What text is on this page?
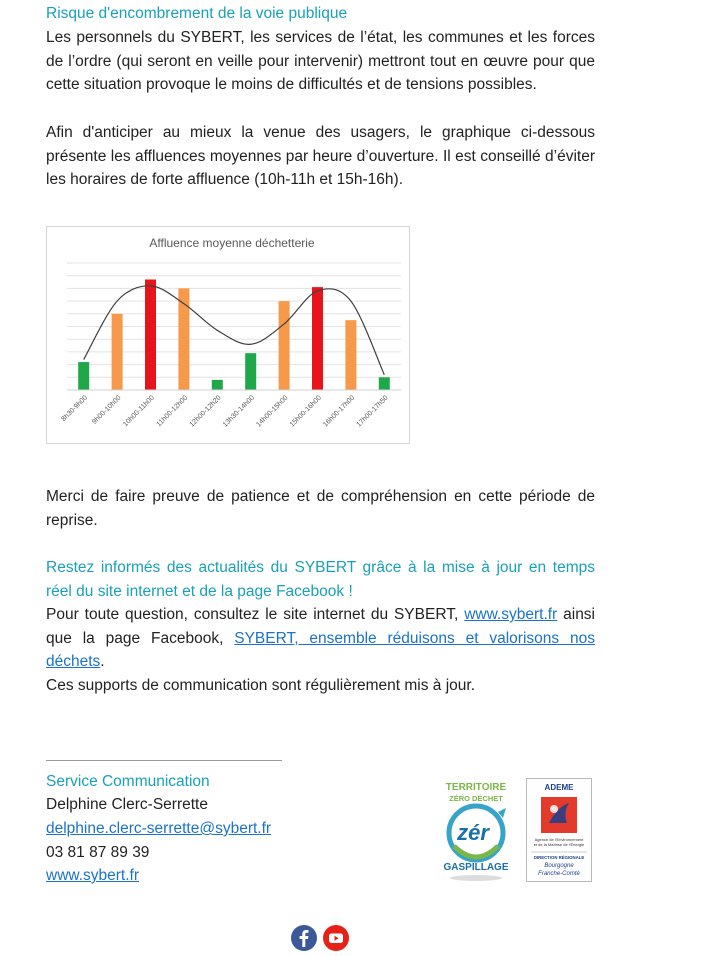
Risque d'encombrement de la voie publique

Les personnels du SYBERT, les services de l’état, les communes et les forces de l’ordre (qui seront en veille pour intervenir) mettront tout en œuvre pour que cette situation provoque le moins de difficultés et de tensions possibles.

Afin d'anticiper au mieux la venue des usagers, le graphique ci-dessous présente les affluences moyennes par heure d’ouverture. Il est conseillé d’éviter les horaires de forte affluence (10h-11h et 15h-16h).

Affluence moyenne déchetterie
8h30-9h00 9h00-10h00 10h00-11h00 11h00-12h00 12h00-12h20 13h30-14h00 14h00-15h00 15h00-16h00 16h00-17h00 17h00-17h50

Merci de faire preuve de patience et de compréhension en cette période de reprise.

Restez informés des actualités du SYBERT grâce à la mise à jour en temps réel du site internet et de la page Facebook !

Pour toute question, consultez le site internet du SYBERT, www.sybert.fr ainsi que la page Facebook, SYBERT, ensemble réduisons et valorisons nos déchets.

Ces supports de communication sont régulièrement mis à jour.

Service Communication
Delphine Clerc-Serrette
delphine.clerc-serrette@sybert.fr
03 81 87 89 39
www.sybert.fr
TERRITOIRE
ZÉRO DÉCHET
zér
GASPILLAGE
ADEME
Agence de l'Environnement
et de la Maîtrise de l'Énergie
DIRECTION RÉGIONALE
Bourgogne
Franche-Comté
